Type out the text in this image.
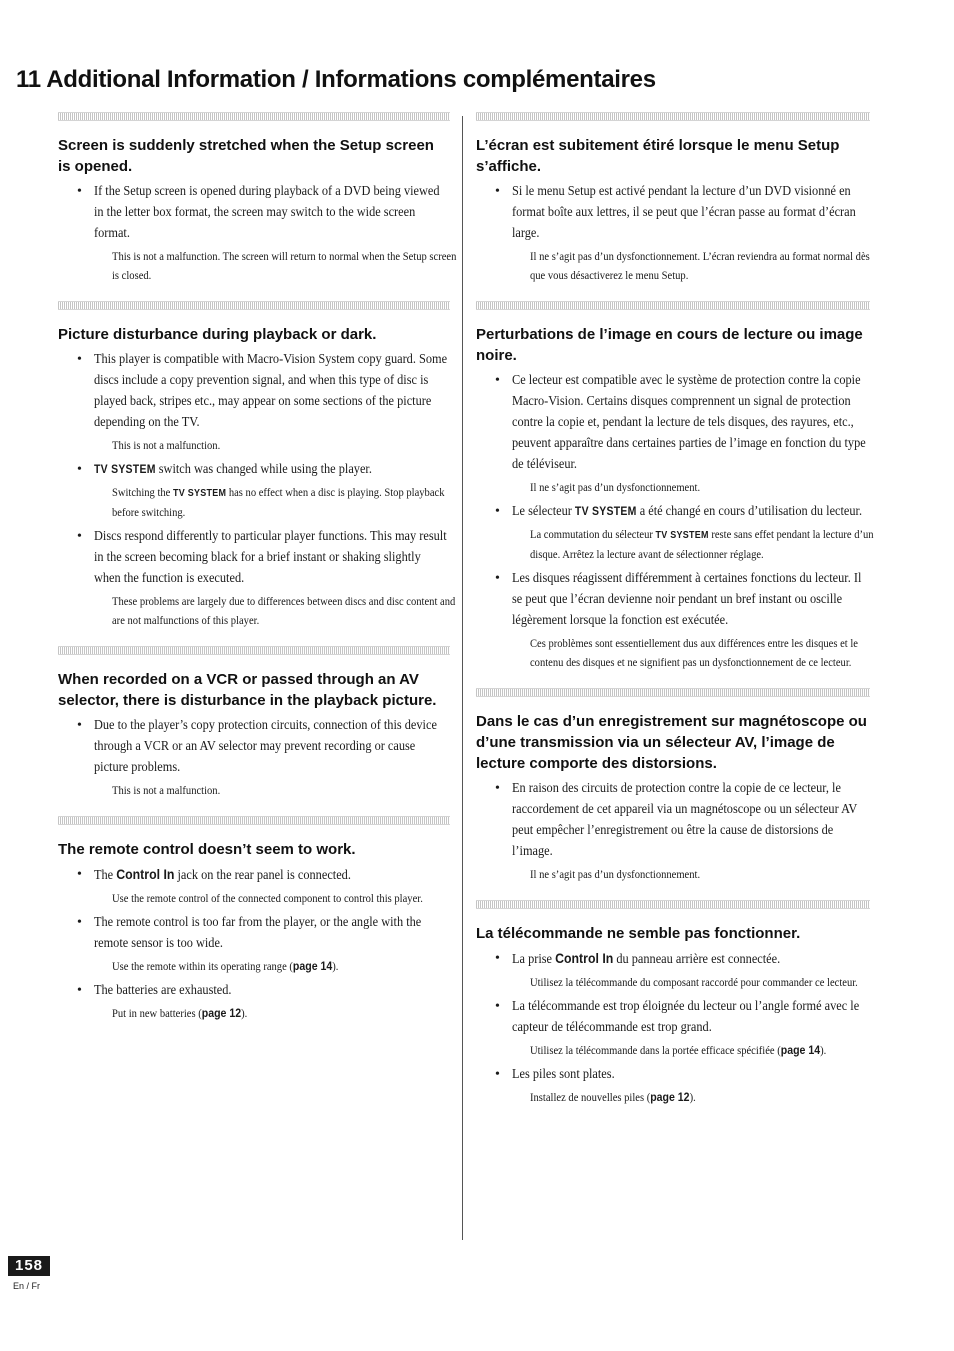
11 Additional Information / Informations complémentaires
Screen is suddenly stretched when the Setup screen is opened.
• If the Setup screen is opened during playback of a DVD being viewed in the letter box format, the screen may switch to the wide screen format.
This is not a malfunction. The screen will return to normal when the Setup screen is closed.
Picture disturbance during playback or dark.
• This player is compatible with Macro-Vision System copy guard. Some discs include a copy prevention signal, and when this type of disc is played back, stripes etc., may appear on some sections of the picture depending on the TV.
This is not a malfunction.
• TV SYSTEM switch was changed while using the player.
Switching the TV SYSTEM has no effect when a disc is playing. Stop playback before switching.
• Discs respond differently to particular player functions. This may result in the screen becoming black for a brief instant or shaking slightly when the function is executed.
These problems are largely due to differences between discs and disc content and are not malfunctions of this player.
When recorded on a VCR or passed through an AV selector, there is disturbance in the playback picture.
• Due to the player’s copy protection circuits, connection of this device through a VCR or an AV selector may prevent recording or cause picture problems.
This is not a malfunction.
The remote control doesn’t seem to work.
• The Control In jack on the rear panel is connected.
Use the remote control of the connected component to control this player.
• The remote control is too far from the player, or the angle with the remote sensor is too wide.
Use the remote within its operating range (page 14).
• The batteries are exhausted.
Put in new batteries (page 12).
L’écran est subitement étiré lorsque le menu Setup s’affiche.
• Si le menu Setup est activé pendant la lecture d’un DVD visionné en format boîte aux lettres, il se peut que l’écran passe au format d’écran large.
Il ne s’agit pas d’un dysfonctionnement. L’écran reviendra au format normal dès que vous désactiverez le menu Setup.
Perturbations de l’image en cours de lecture ou image noire.
• Ce lecteur est compatible avec le système de protection contre la copie Macro-Vision. Certains disques comprennent un signal de protection contre la copie et, pendant la lecture de tels disques, des rayures, etc., peuvent apparaître dans certaines parties de l’image en fonction du type de téléviseur.
Il ne s’agit pas d’un dysfonctionnement.
• Le sélecteur TV SYSTEM a été changé en cours d’utilisation du lecteur.
La commutation du sélecteur TV SYSTEM reste sans effet pendant la lecture d’un disque. Arrêtez la lecture avant de sélectionner réglage.
• Les disques réagissent différemment à certaines fonctions du lecteur. Il se peut que l’écran devienne noir pendant un bref instant ou oscille légèrement lorsque la fonction est exécutée.
Ces problèmes sont essentiellement dus aux différences entre les disques et le contenu des disques et ne signifient pas un dysfonctionnement de ce lecteur.
Dans le cas d’un enregistrement sur magnétoscope ou d’une transmission via un sélecteur AV, l’image de lecture comporte des distorsions.
• En raison des circuits de protection contre la copie de ce lecteur, le raccordement de cet appareil via un magnétoscope ou un sélecteur AV peut empêcher l’enregistrement ou être la cause de distorsions de l’image.
Il ne s’agit pas d’un dysfonctionnement.
La télécommande ne semble pas fonctionner.
• La prise Control In du panneau arrière est connectée.
Utilisez la télécommande du composant raccordé pour commander ce lecteur.
• La télécommande est trop éloignée du lecteur ou l’angle formé avec le capteur de télécommande est trop grand.
Utilisez la télécommande dans la portée efficace spécifiée (page 14).
• Les piles sont plates.
Installez de nouvelles piles (page 12).
158
En / Fr
